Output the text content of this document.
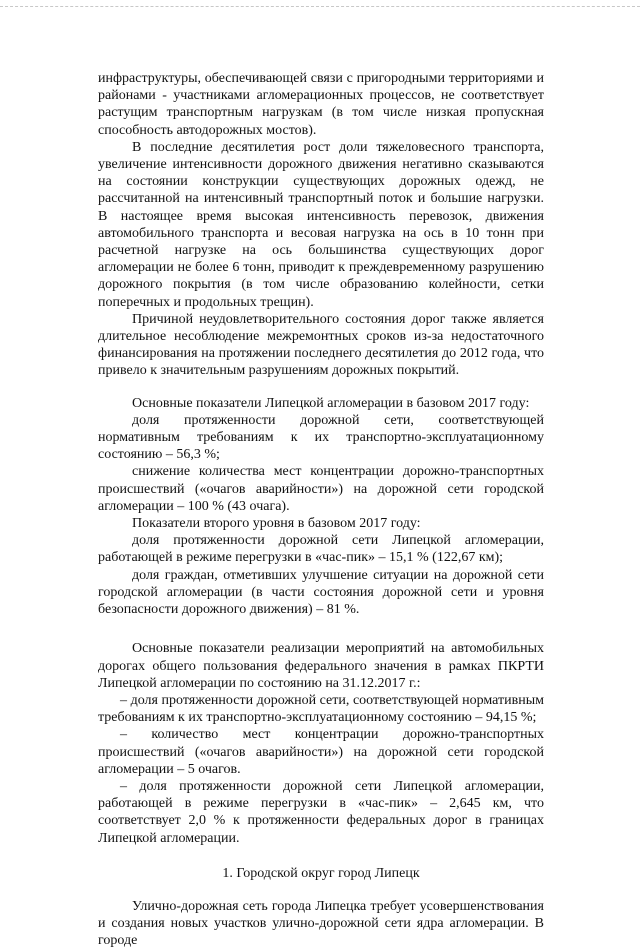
инфраструктуры, обеспечивающей связи с пригородными территориями и районами - участниками агломерационных процессов, не соответствует растущим транспортным нагрузкам (в том числе низкая пропускная способность автодорожных мостов).

В последние десятилетия рост доли тяжеловесного транспорта, увеличение интенсивности дорожного движения негативно сказываются на состоянии конструкции существующих дорожных одежд, не рассчитанной на интенсивный транспортный поток и большие нагрузки. В настоящее время высокая интенсивность перевозок, движения автомобильного транспорта и весовая нагрузка на ось в 10 тонн при расчетной нагрузке на ось большинства существующих дорог агломерации не более 6 тонн, приводит к преждевременному разрушению дорожного покрытия (в том числе образованию колейности, сетки поперечных и продольных трещин).

Причиной неудовлетворительного состояния дорог также является длительное несоблюдение межремонтных сроков из-за недостаточного финансирования на протяжении последнего десятилетия до 2012 года, что привело к значительным разрушениям дорожных покрытий.

Основные показатели Липецкой агломерации в базовом 2017 году:

доля протяженности дорожной сети, соответствующей нормативным требованиям к их транспортно-эксплуатационному состоянию – 56,3 %;

снижение количества мест концентрации дорожно-транспортных происшествий («очагов аварийности») на дорожной сети городской агломерации – 100 % (43 очага).

Показатели второго уровня в базовом 2017 году:

доля протяженности дорожной сети Липецкой агломерации, работающей в режиме перегрузки в «час-пик» – 15,1 % (122,67 км);

доля граждан, отметивших улучшение ситуации на дорожной сети городской агломерации (в части состояния дорожной сети и уровня безопасности дорожного движения) – 81 %.

Основные показатели реализации мероприятий на автомобильных дорогах общего пользования федерального значения в рамках ПКРТИ Липецкой агломерации по состоянию на 31.12.2017 г.:

– доля протяженности дорожной сети, соответствующей нормативным требованиям к их транспортно-эксплуатационному состоянию – 94,15 %;

– количество мест концентрации дорожно-транспортных происшествий («очагов аварийности») на дорожной сети городской агломерации – 5 очагов.

– доля протяженности дорожной сети Липецкой агломерации, работающей в режиме перегрузки в «час-пик» – 2,645 км, что соответствует 2,0 % к протяженности федеральных дорог в границах Липецкой агломерации.

1. Городской округ город Липецк

Улично-дорожная сеть города Липецка требует усовершенствования и создания новых участков улично-дорожной сети ядра агломерации. В городе
